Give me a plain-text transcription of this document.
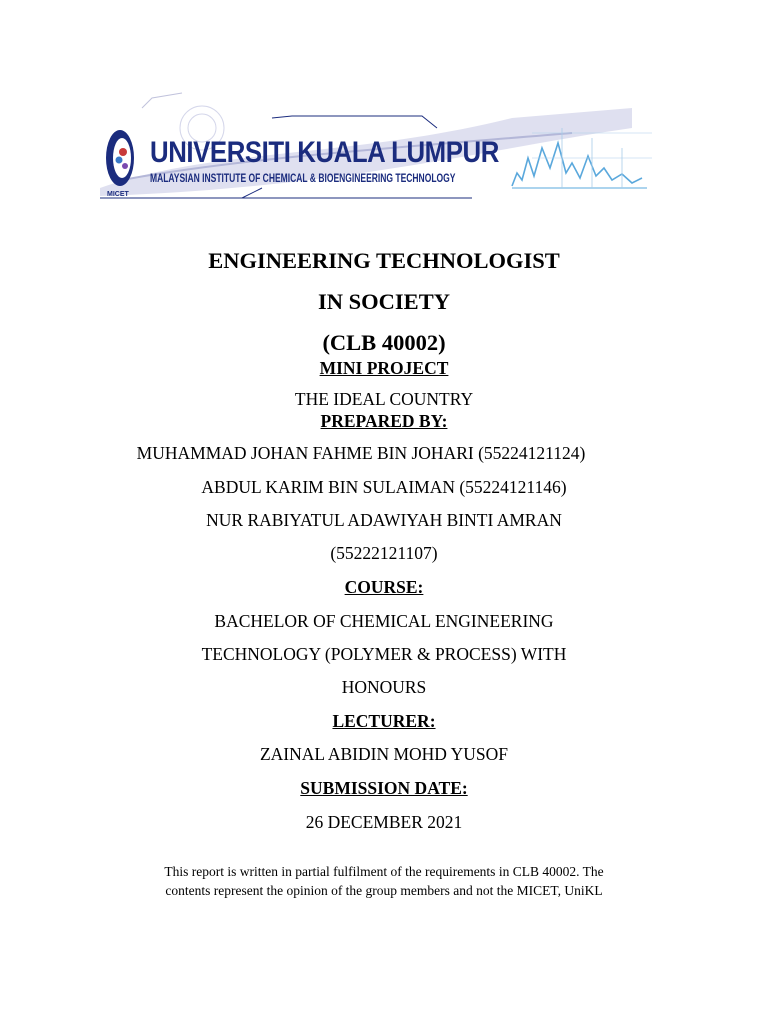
UNIVERSITI KUALA LUMPUR
MALAYSIAN INSTITUTE OF CHEMICAL & BIOENGINEERING TECHNOLOGY
MICET
ENGINEERING TECHNOLOGIST
IN SOCIETY
(CLB 40002)
MINI PROJECT
THE IDEAL COUNTRY
PREPARED BY:
MUHAMMAD JOHAN FAHME BIN JOHARI (55224121124)
ABDUL KARIM BIN SULAIMAN (55224121146)
NUR RABIYATUL ADAWIYAH BINTI AMRAN
(55222121107)
COURSE:
BACHELOR OF CHEMICAL ENGINEERING
TECHNOLOGY (POLYMER & PROCESS) WITH
HONOURS
LECTURER:
ZAINAL ABIDIN MOHD YUSOF
SUBMISSION DATE:
26 DECEMBER 2021
This report is written in partial fulfilment of the requirements in CLB 40002. The
contents represent the opinion of the group members and not the MICET, UniKL
